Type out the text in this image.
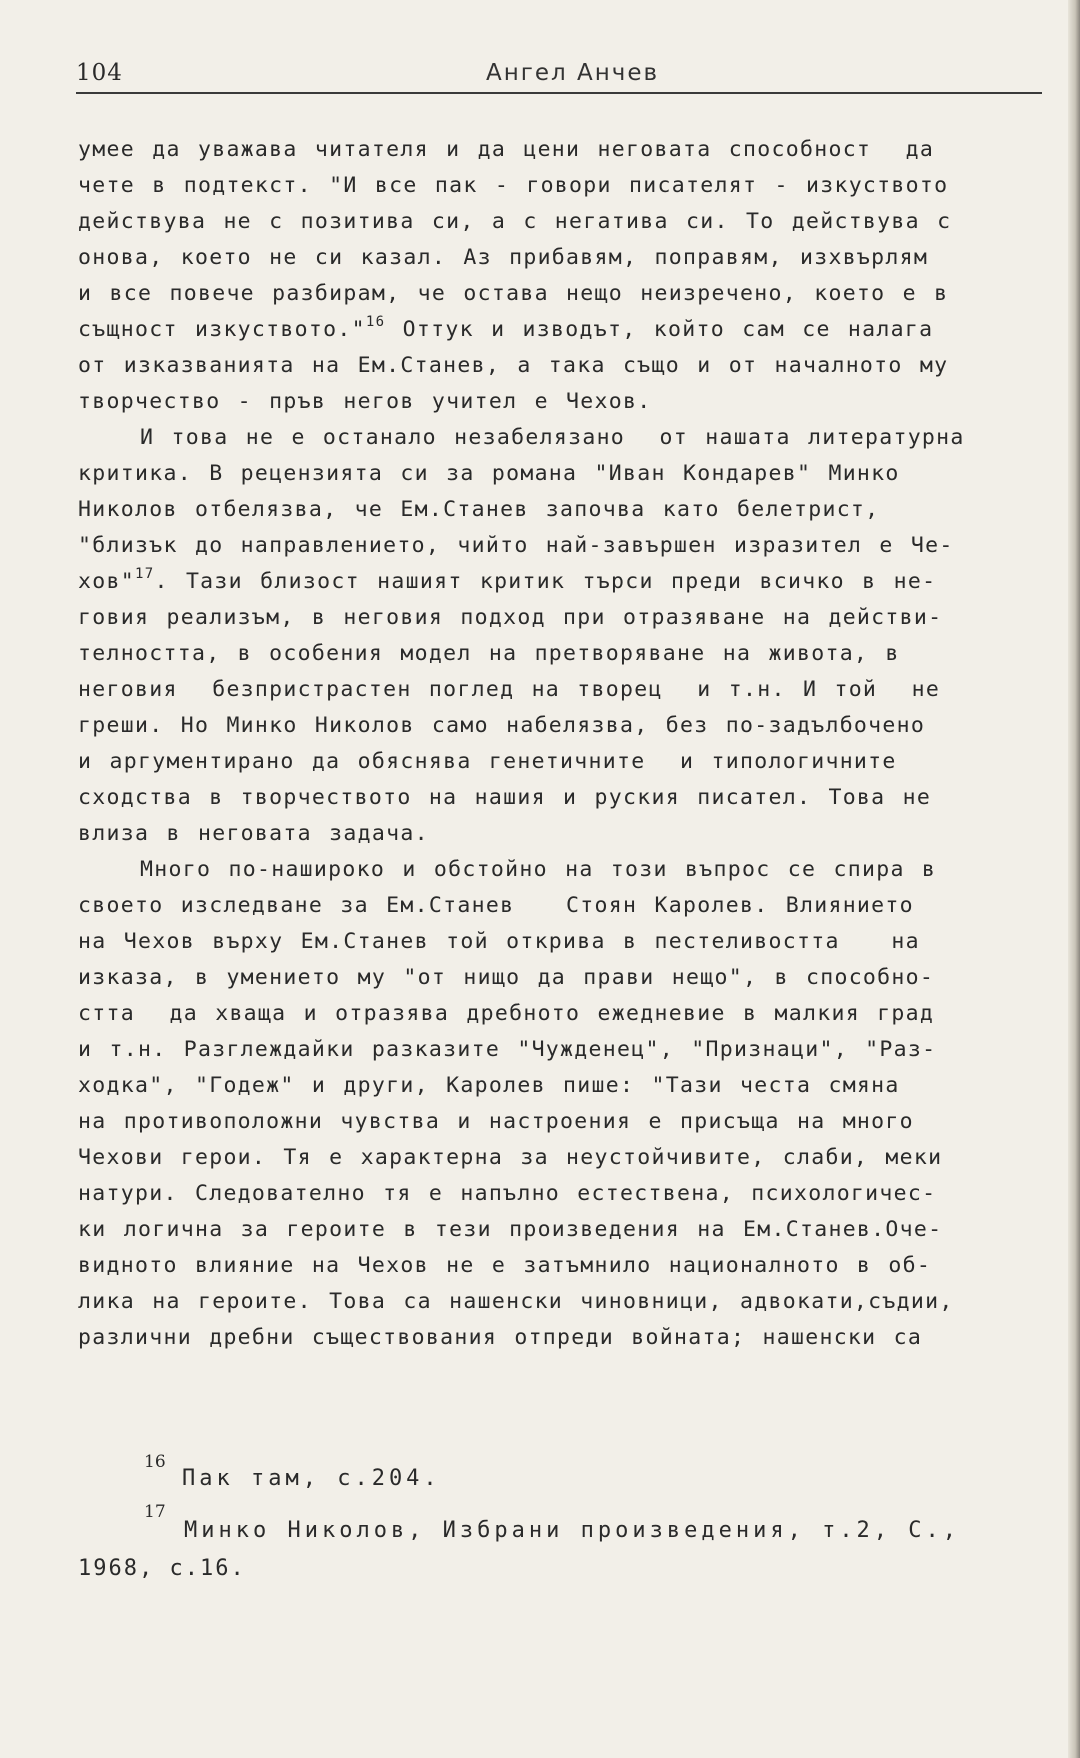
104	Ангел Анчев
умее да уважава читателя и да цени неговата способност  да
чете в подтекст. "И все пак - говори писателят - изкуството
действува не с позитива си, а с негатива си. То действува с
онова, което не си казал. Аз прибавям, поправям, изхвърлям
и все повече разбирам, че остава нещо неизречено, което е в
същност изкуството."$^{16}$ Оттук и изводът, който сам се налага
от изказванията на Ем.Станев, а така също и от началното му
творчество - пръв негов учител е Чехов.
И това не е останало незабелязано  от нашата литературна
критика. В рецензията си за романа "Иван Кондарев" Минко
Николов отбелязва, че Ем.Станев започва като белетрист,
"близък до направлението, чийто най-завършен изразител е Че-
хов"$^{17}$. Тази близост нашият критик търси преди всичко в не-
говия реализъм, в неговия подход при отразяване на действи-
телността, в особения модел на претворяване на живота, в
неговия  безпристрастен поглед на творец  и т.н. И той  не
греши. Но Минко Николов само набелязва, без по-задълбочено
и аргументирано да обяснява генетичните  и типологичните
сходства в творчеството на нашия и руския писател. Това не
влиза в неговата задача.
Много по-нашироко и обстойно на този въпрос се спира в
своето изследване за Ем.Станев   Стоян Каролев. Влиянието
на Чехов върху Ем.Станев той открива в пестеливостта   на
изказа, в умението му "от нищо да прави нещо", в способно-
стта  да хваща и отразява дребното ежедневие в малкия град
и т.н. Разглеждайки разказите "Чужденец", "Признаци", "Раз-
ходка", "Годеж" и други, Каролев пише: "Тази честа смяна
на противоположни чувства и настроения е присъща на много
Чехови герои. Тя е характерна за неустойчивите, слаби, меки
натури. Следователно тя е напълно естествена, психологичес-
ки логична за героите в тези произведения на Ем.Станев.Оче-
видното влияние на Чехов не е затъмнило националното в об-
лика на героите. Това са нашенски чиновници, адвокати,съдии,
различни дребни съществования отпреди войната; нашенски са
16
Пак там, с.204.
17
Минко Николов, Избрани произведения, т.2, С.,
1968, с.16.
